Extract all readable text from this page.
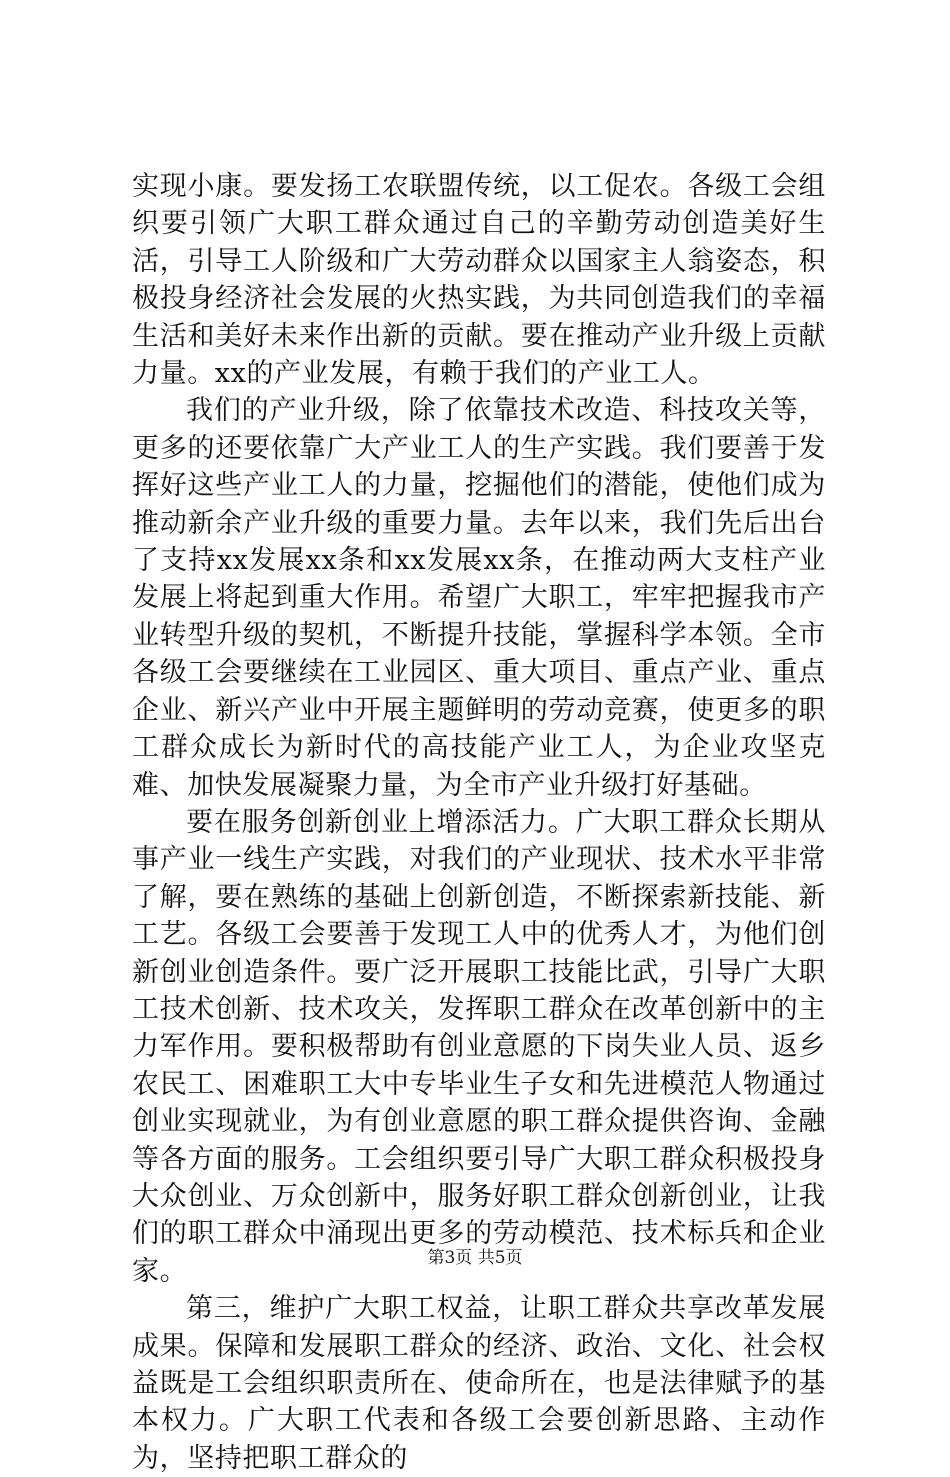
实现小康。要发扬工农联盟传统，以工促农。各级工会组织要引领广大职工群众通过自己的辛勤劳动创造美好生活，引导工人阶级和广大劳动群众以国家主人翁姿态，积极投身经济社会发展的火热实践，为共同创造我们的幸福生活和美好未来作出新的贡献。要在推动产业升级上贡献力量。xx的产业发展，有赖于我们的产业工人。

我们的产业升级，除了依靠技术改造、科技攻关等，更多的还要依靠广大产业工人的生产实践。我们要善于发挥好这些产业工人的力量，挖掘他们的潜能，使他们成为推动新余产业升级的重要力量。去年以来，我们先后出台了支持xx发展xx条和xx发展xx条，在推动两大支柱产业发展上将起到重大作用。希望广大职工，牢牢把握我市产业转型升级的契机，不断提升技能，掌握科学本领。全市各级工会要继续在工业园区、重大项目、重点产业、重点企业、新兴产业中开展主题鲜明的劳动竞赛，使更多的职工群众成长为新时代的高技能产业工人，为企业攻坚克难、加快发展凝聚力量，为全市产业升级打好基础。

要在服务创新创业上增添活力。广大职工群众长期从事产业一线生产实践，对我们的产业现状、技术水平非常了解，要在熟练的基础上创新创造，不断探索新技能、新工艺。各级工会要善于发现工人中的优秀人才，为他们创新创业创造条件。要广泛开展职工技能比武，引导广大职工技术创新、技术攻关，发挥职工群众在改革创新中的主力军作用。要积极帮助有创业意愿的下岗失业人员、返乡农民工、困难职工大中专毕业生子女和先进模范人物通过创业实现就业，为有创业意愿的职工群众提供咨询、金融等各方面的服务。工会组织要引导广大职工群众积极投身大众创业、万众创新中，服务好职工群众创新创业，让我们的职工群众中涌现出更多的劳动模范、技术标兵和企业家。

第三，维护广大职工权益，让职工群众共享改革发展成果。保障和发展职工群众的经济、政治、文化、社会权益既是工会组织职责所在、使命所在，也是法律赋予的基本权力。广大职工代表和各级工会要创新思路、主动作为，坚持把职工群众的

第3页 共5页
